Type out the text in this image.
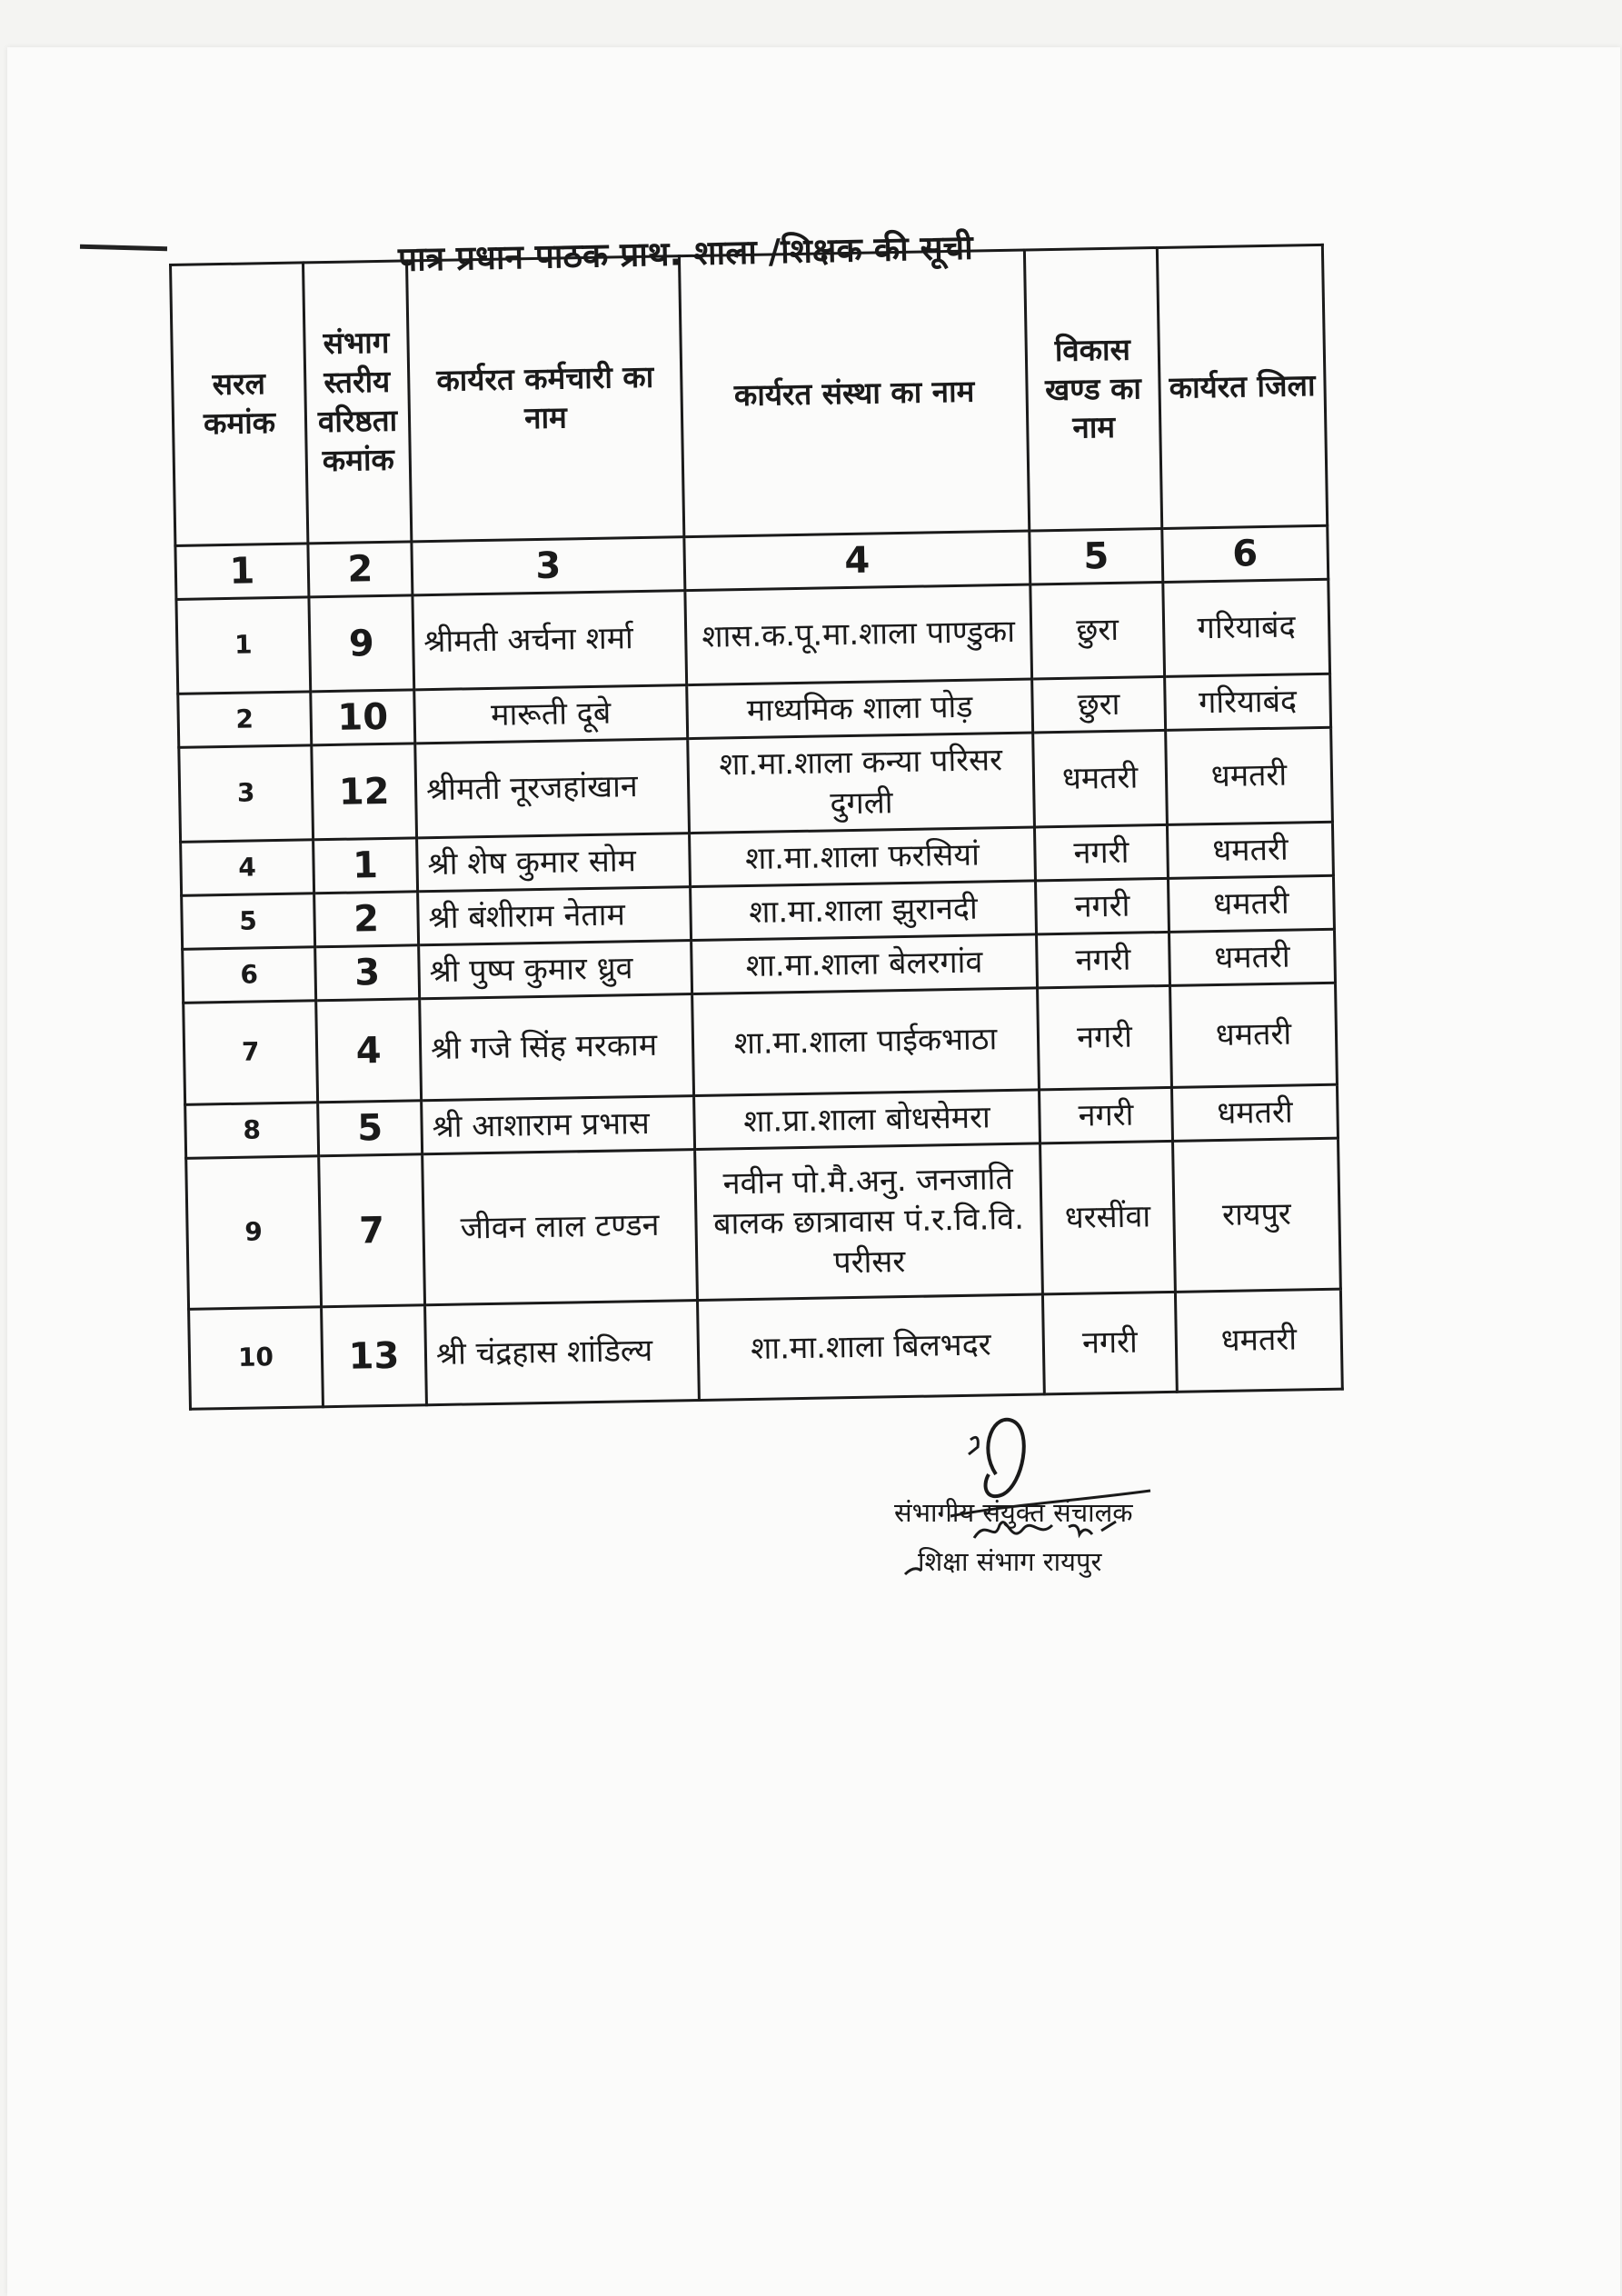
पात्र प्रधान पाठक प्राथ. शाला /शिक्षक की सूची
सरल कमांक	संभाग स्तरीय वरिष्ठता कमांक	कार्यरत कर्मचारी का नाम	कार्यरत संस्था का नाम	विकास खण्ड का नाम	कार्यरत जिला
1	2	3	4	5	6
1	9	श्रीमती अर्चना शर्मा	शास.क.पू.मा.शाला पाण्डुका	छुरा	गरियाबंद
2	10	मारूती दूबे	माध्यमिक शाला पोड़	छुरा	गरियाबंद
3	12	श्रीमती नूरजहांखान	शा.मा.शाला कन्या परिसर दुगली	धमतरी	धमतरी
4	1	श्री शेष कुमार सोम	शा.मा.शाला फरसियां	नगरी	धमतरी
5	2	श्री बंशीराम नेताम	शा.मा.शाला झुरानदी	नगरी	धमतरी
6	3	श्री पुष्प कुमार ध्रुव	शा.मा.शाला बेलरगांव	नगरी	धमतरी
7	4	श्री गजे सिंह मरकाम	शा.मा.शाला पाईकभाठा	नगरी	धमतरी
8	5	श्री आशाराम प्रभास	शा.प्रा.शाला बोधसेमरा	नगरी	धमतरी
9	7	जीवन लाल टण्डन	नवीन पो.मै.अनु. जनजाति बालक छात्रावास पं.र.वि.वि. परीसर	धरसींवा	रायपुर
10	13	श्री चंद्रहास शांडिल्य	शा.मा.शाला बिलभदर	नगरी	धमतरी
संभागीय संयुक्त संचालक
शिक्षा संभाग रायपुर
